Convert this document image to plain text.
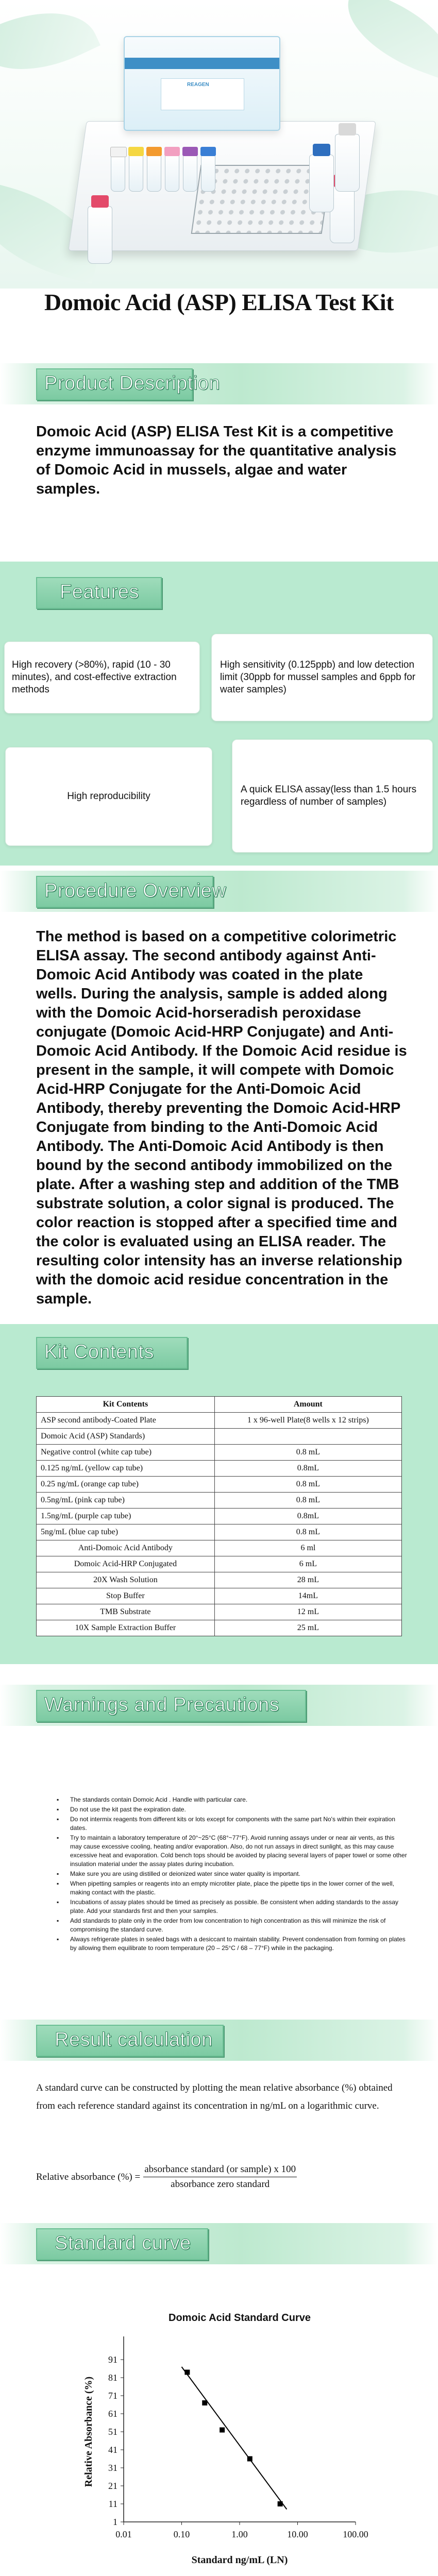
REAGEN
Domoic Acid (ASP) ELISA Test Kit
Product Description

Domoic Acid (ASP) ELISA Test Kit is a competitive enzyme immunoassay for the quantitative analysis of Domoic Acid in mussels, algae and water samples.

Features
High recovery (>80%), rapid (10 - 30 minutes), and cost-effective extraction methods
High sensitivity (0.125ppb) and low detection limit (30ppb for mussel samples and 6ppb for water samples)
High reproducibility
A quick ELISA assay(less than 1.5 hours regardless of number of samples)
Procedure Overview

The method is based on a competitive colorimetric ELISA assay. The second antibody against Anti-Domoic Acid Antibody was coated in the plate wells. During the analysis, sample is added along with the Domoic Acid-horseradish peroxidase conjugate (Domoic Acid-HRP Conjugate) and Anti- Domoic Acid Antibody. If the Domoic Acid residue is present in the sample, it will compete with Domoic Acid-HRP Conjugate for the Anti-Domoic Acid Antibody, thereby preventing the Domoic Acid-HRP Conjugate from binding to the Anti-Domoic Acid Antibody. The Anti-Domoic Acid Antibody is then bound by the second antibody immobilized on the plate. After a washing step and addition of the TMB substrate solution, a color signal is produced. The color reaction is stopped after a specified time and the color is evaluated using an ELISA reader. The resulting color intensity has an inverse relationship with the domoic acid residue concentration in the sample.

Kit Contents
Kit Contents	Amount
ASP second antibody-Coated Plate	1 x 96-well Plate(8 wells x 12 strips)
Domoic Acid (ASP) Standards)	
Negative control (white cap tube)	0.8 mL
0.125 ng/mL (yellow cap tube)	0.8mL
0.25 ng/mL (orange cap tube)	0.8 mL
0.5ng/mL (pink cap tube)	0.8 mL
1.5ng/mL (purple cap tube)	0.8mL
5ng/mL (blue cap tube)	0.8 mL
Anti-Domoic Acid Antibody	6 ml
Domoic Acid-HRP Conjugated	6 mL
20X Wash Solution	28 mL
Stop Buffer	14mL
TMB Substrate	12 mL
10X Sample Extraction Buffer	25 mL
Warnings and Precautions
▪ The standards contain Domoic Acid . Handle with particular care.
▪ Do not use the kit past the expiration date.
▪ Do not intermix reagents from different kits or lots except for components with the same part No's within their expiration dates.
▪ Try to maintain a laboratory temperature of 20°~25°C (68°~77°F). Avoid running assays under or near air vents, as this may cause excessive cooling, heating and/or evaporation. Also, do not run assays in direct sunlight, as this may cause excessive heat and evaporation. Cold bench tops should be avoided by placing several layers of paper towel or some other insulation material under the assay plates during incubation.
▪ Make sure you are using distilled or deionized water since water quality is important.
▪ When pipetting samples or reagents into an empty microtiter plate, place the pipette tips in the lower corner of the well, making contact with the plastic.
▪ Incubations of assay plates should be timed as precisely as possible. Be consistent when adding standards to the assay plate. Add your standards first and then your samples.
▪ Add standards to plate only in the order from low concentration to high concentration as this will minimize the risk of compromising the standard curve.
▪ Always refrigerate plates in sealed bags with a desiccant to maintain stability. Prevent condensation from forming on plates by allowing them equilibrate to room temperature (20 – 25°C / 68 – 77°F) while in the packaging.
Result calculation

A standard curve can be constructed by plotting the mean relative absorbance (%) obtained from each reference standard against its concentration in ng/mL on a logarithmic curve.

Relative absorbance (%) = $\frac{\text{absorbance standard (or sample) x 100}}{\text{absorbance zero standard}}$
Standard curve
Domoic Acid Standard Curve
1
11
21
31
41
51
61
71
81
91
0.01	0.10	1.00	10.00	100.00
Relative Absorbance (%)
Standard ng/mL (LN)
